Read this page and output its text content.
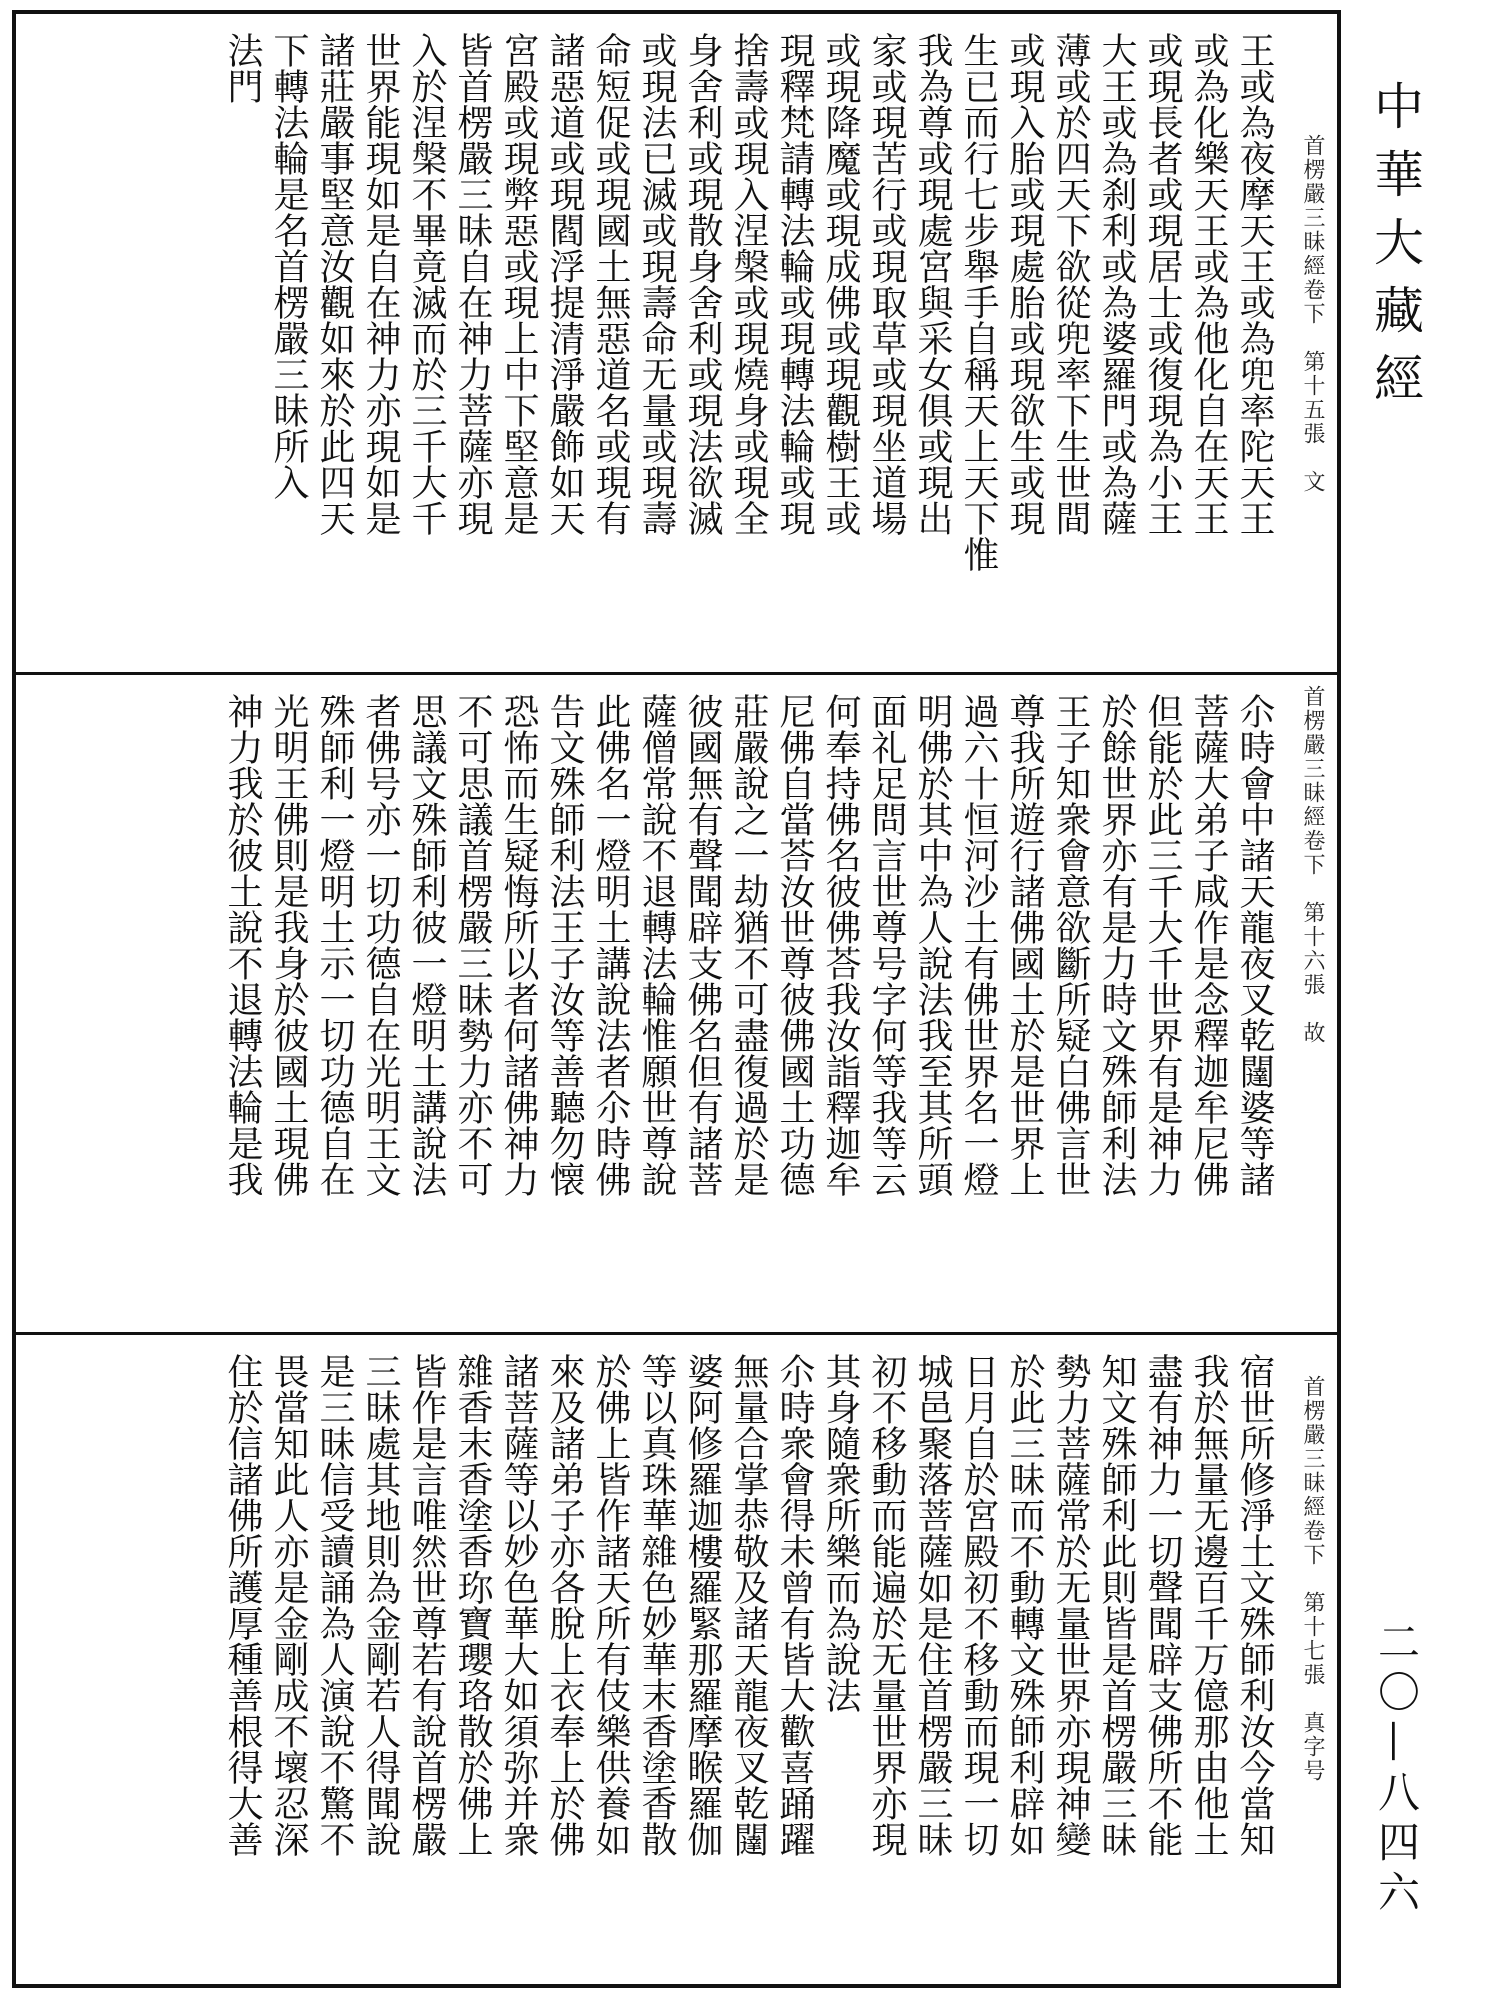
首楞嚴三昧經卷下　第十五張　文
王或為夜摩天王或為兜率陀天王
或為化樂天王或為他化自在天王
或現長者或現居士或復現為小王
大王或為刹利或為婆羅門或為薩
薄或於四天下欲從兜率下生世間
或現入胎或現處胎或現欲生或現
生已而行七步舉手自稱天上天下惟
我為尊或現處宮與采女俱或現出
家或現苦行或現取草或現坐道場
或現降魔或現成佛或現觀樹王或
現釋梵請轉法輪或現轉法輪或現
捨壽或現入涅槃或現燒身或現全
身舍利或現散身舍利或現法欲滅
或現法已滅或現壽命无量或現壽
命短促或現國土無惡道名或現有
諸惡道或現閻浮提清淨嚴飾如天
宮殿或現弊惡或現上中下堅意是
皆首楞嚴三昧自在神力菩薩亦現
入於涅槃不畢竟滅而於三千大千
世界能現如是自在神力亦現如是
諸莊嚴事堅意汝觀如來於此四天
下轉法輪是名首楞嚴三昧所入
法門
首楞嚴三昧經卷下　第十六張　故
尒時會中諸天龍夜叉乾闥婆等諸
菩薩大弟子咸作是念釋迦牟尼佛
但能於此三千大千世界有是神力
於餘世界亦有是力時文殊師利法
王子知衆會意欲斷所疑白佛言世
尊我所遊行諸佛國土於是世界上
過六十恒河沙土有佛世界名一燈
明佛於其中為人說法我至其所頭
面礼足問言世尊号字何等我等云
何奉持佛名彼佛荅我汝詣釋迦牟
尼佛自當荅汝世尊彼佛國土功德
莊嚴說之一劫猶不可盡復過於是
彼國無有聲聞辟支佛名但有諸菩
薩僧常說不退轉法輪惟願世尊說
此佛名一燈明土講說法者尒時佛
告文殊師利法王子汝等善聽勿懐
恐怖而生疑悔所以者何諸佛神力
不可思議首楞嚴三昧勢力亦不可
思議文殊師利彼一燈明土講說法
者佛号亦一切功德自在光明王文
殊師利一燈明土示一切功德自在
光明王佛則是我身於彼國土現佛
神力我於彼土說不退轉法輪是我
首楞嚴三昧經卷下　第十七張　真字号
宿世所修淨土文殊師利汝今當知
我於無量无邊百千万億那由他土
盡有神力一切聲聞辟支佛所不能
知文殊師利此則皆是首楞嚴三昧
勢力菩薩常於无量世界亦現神變
於此三昧而不動轉文殊師利辟如
日月自於宮殿初不移動而現一切
城邑聚落菩薩如是住首楞嚴三昧
初不移動而能遍於无量世界亦現
其身隨衆所樂而為說法
尒時衆會得未曾有皆大歡喜踊躍
無量合掌恭敬及諸天龍夜叉乾闥
婆阿修羅迦樓羅緊那羅摩睺羅伽
等以真珠華雜色妙華末香塗香散
於佛上皆作諸天所有伎樂供養如
來及諸弟子亦各脫上衣奉上於佛
諸菩薩等以妙色華大如須弥并衆
雜香末香塗香珎寶瓔珞散於佛上
皆作是言唯然世尊若有說首楞嚴
三昧處其地則為金剛若人得聞說
是三昧信受讀誦為人演說不驚不
畏當知此人亦是金剛成不壞忍深
住於信諸佛所護厚種善根得大善
中華大藏經
二〇—八四六
